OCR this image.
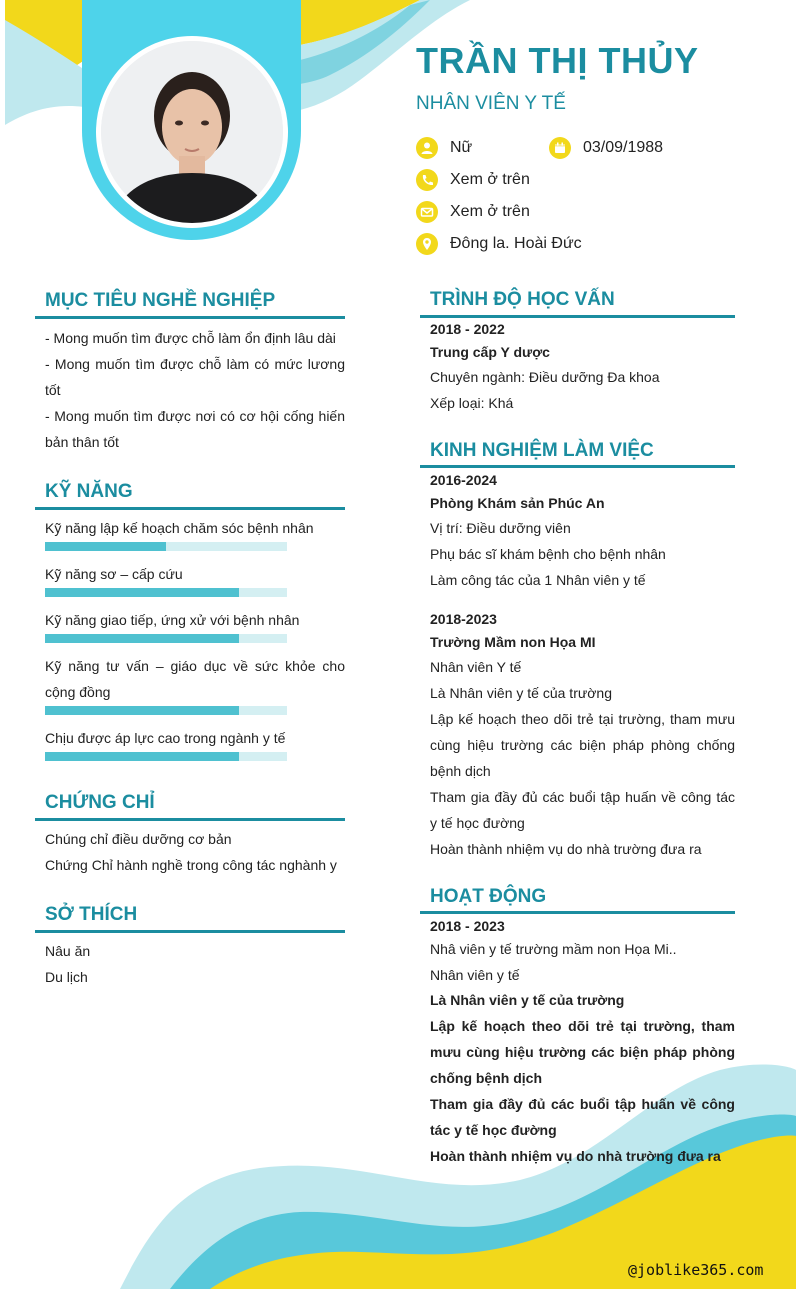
TRẦN THỊ THỦY
NHÂN VIÊN Y TẾ
Nữ	03/09/1988
Xem ở trên
Xem ở trên
Đông la. Hoài Đức
MỤC TIÊU NGHỀ NGHIỆP
- Mong muốn tìm được chỗ làm ổn định lâu dài
- Mong muốn tìm được chỗ làm có mức lương tốt
- Mong muốn tìm được nơi có cơ hội cống hiến bản thân tốt
KỸ NĂNG
Kỹ năng lập kế hoạch chăm sóc bệnh nhân
Kỹ năng sơ – cấp cứu
Kỹ năng giao tiếp, ứng xử với bệnh nhân
Kỹ năng tư vấn – giáo dục về sức khỏe cho cộng đồng
Chịu được áp lực cao trong ngành y tế
CHỨNG CHỈ
Chúng chỉ điều dưỡng cơ bản
Chứng Chỉ hành nghề trong công tác nghành y
SỞ THÍCH
Nâu ăn
Du lịch
TRÌNH ĐỘ HỌC VẤN
2018 - 2022
Trung cấp Y dược
Chuyên ngành: Điều dưỡng Đa khoa
Xếp loại: Khá
KINH NGHIỆM LÀM VIỆC
2016-2024
Phòng Khám sản Phúc An
Vị trí: Điều dưỡng viên
Phụ bác sĩ khám bệnh cho bệnh nhân
Làm công tác của 1 Nhân viên y tế
2018-2023
Trường Mầm non Họa MI
Nhân viên Y tế
Là Nhân viên y tế của trường
Lập kế hoạch theo dõi trẻ tại trường, tham mưu cùng hiệu trường các biện pháp phòng chống bệnh dịch
Tham gia đầy đủ các buổi tập huấn về công tác y tế học đường
Hoàn thành nhiệm vụ do nhà trường đưa ra
HOẠT ĐỘNG
2018 - 2023
Nhâ viên y tế trường mầm non Họa Mi..
Nhân viên y tế
Là Nhân viên y tế của trường
Lập kế hoạch theo dõi trẻ tại trường, tham mưu cùng hiệu trường các biện pháp phòng chống bệnh dịch
Tham gia đầy đủ các buổi tập huấn về công tác y tế học đường
Hoàn thành nhiệm vụ do nhà trường đưa ra
@joblike365.com
